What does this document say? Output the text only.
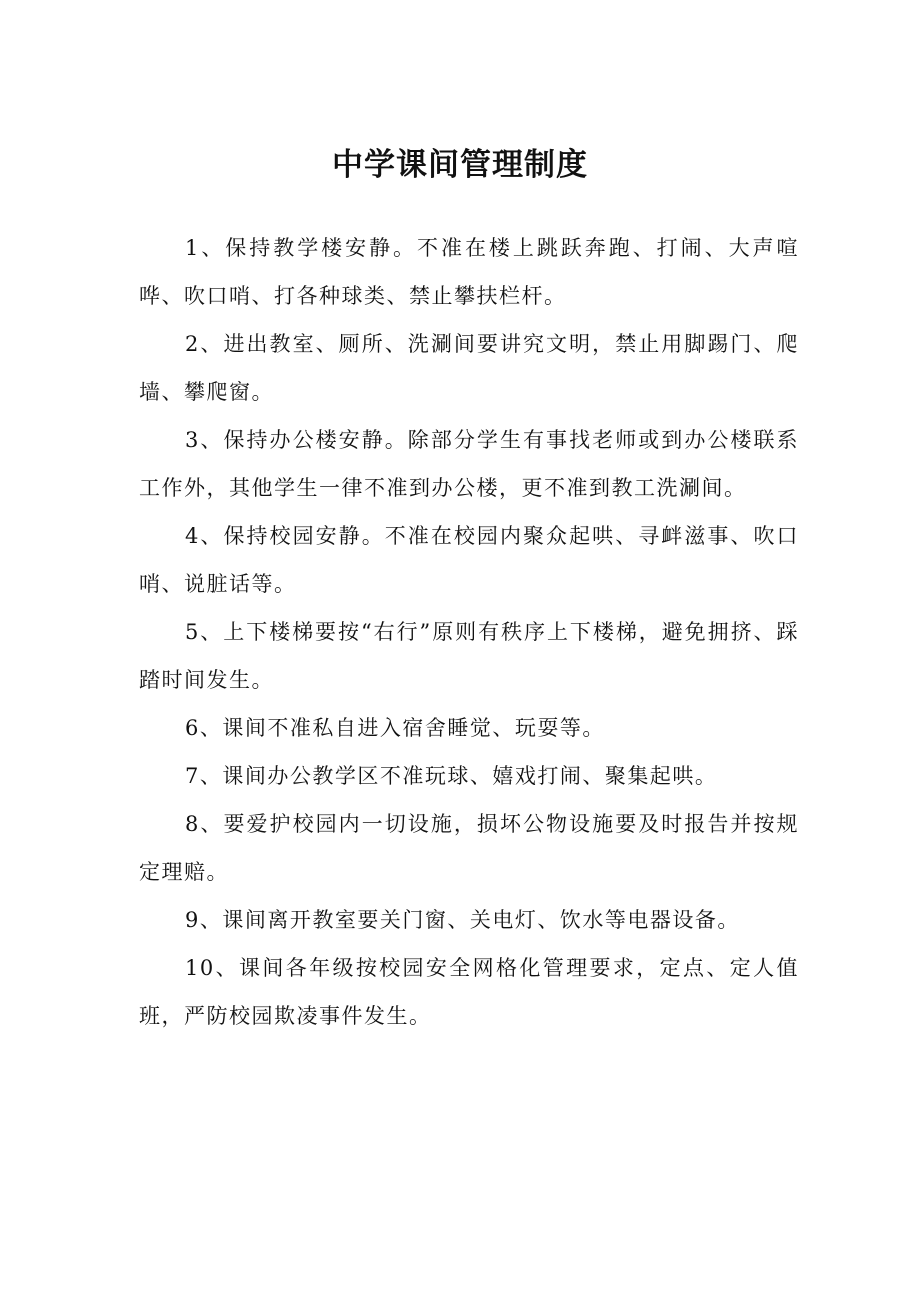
中学课间管理制度

1、保持教学楼安静。不准在楼上跳跃奔跑、打闹、大声喧哗、吹口哨、打各种球类、禁止攀扶栏杆。

2、进出教室、厕所、洗涮间要讲究文明，禁止用脚踢门、爬墙、攀爬窗。

3、保持办公楼安静。除部分学生有事找老师或到办公楼联系工作外，其他学生一律不准到办公楼，更不准到教工洗涮间。

4、保持校园安静。不准在校园内聚众起哄、寻衅滋事、吹口哨、说脏话等。

5、上下楼梯要按“右行”原则有秩序上下楼梯，避免拥挤、踩踏时间发生。

6、课间不准私自进入宿舍睡觉、玩耍等。

7、课间办公教学区不准玩球、嬉戏打闹、聚集起哄。

8、要爱护校园内一切设施，损坏公物设施要及时报告并按规定理赔。

9、课间离开教室要关门窗、关电灯、饮水等电器设备。

10、课间各年级按校园安全网格化管理要求，定点、定人值班，严防校园欺凌事件发生。
